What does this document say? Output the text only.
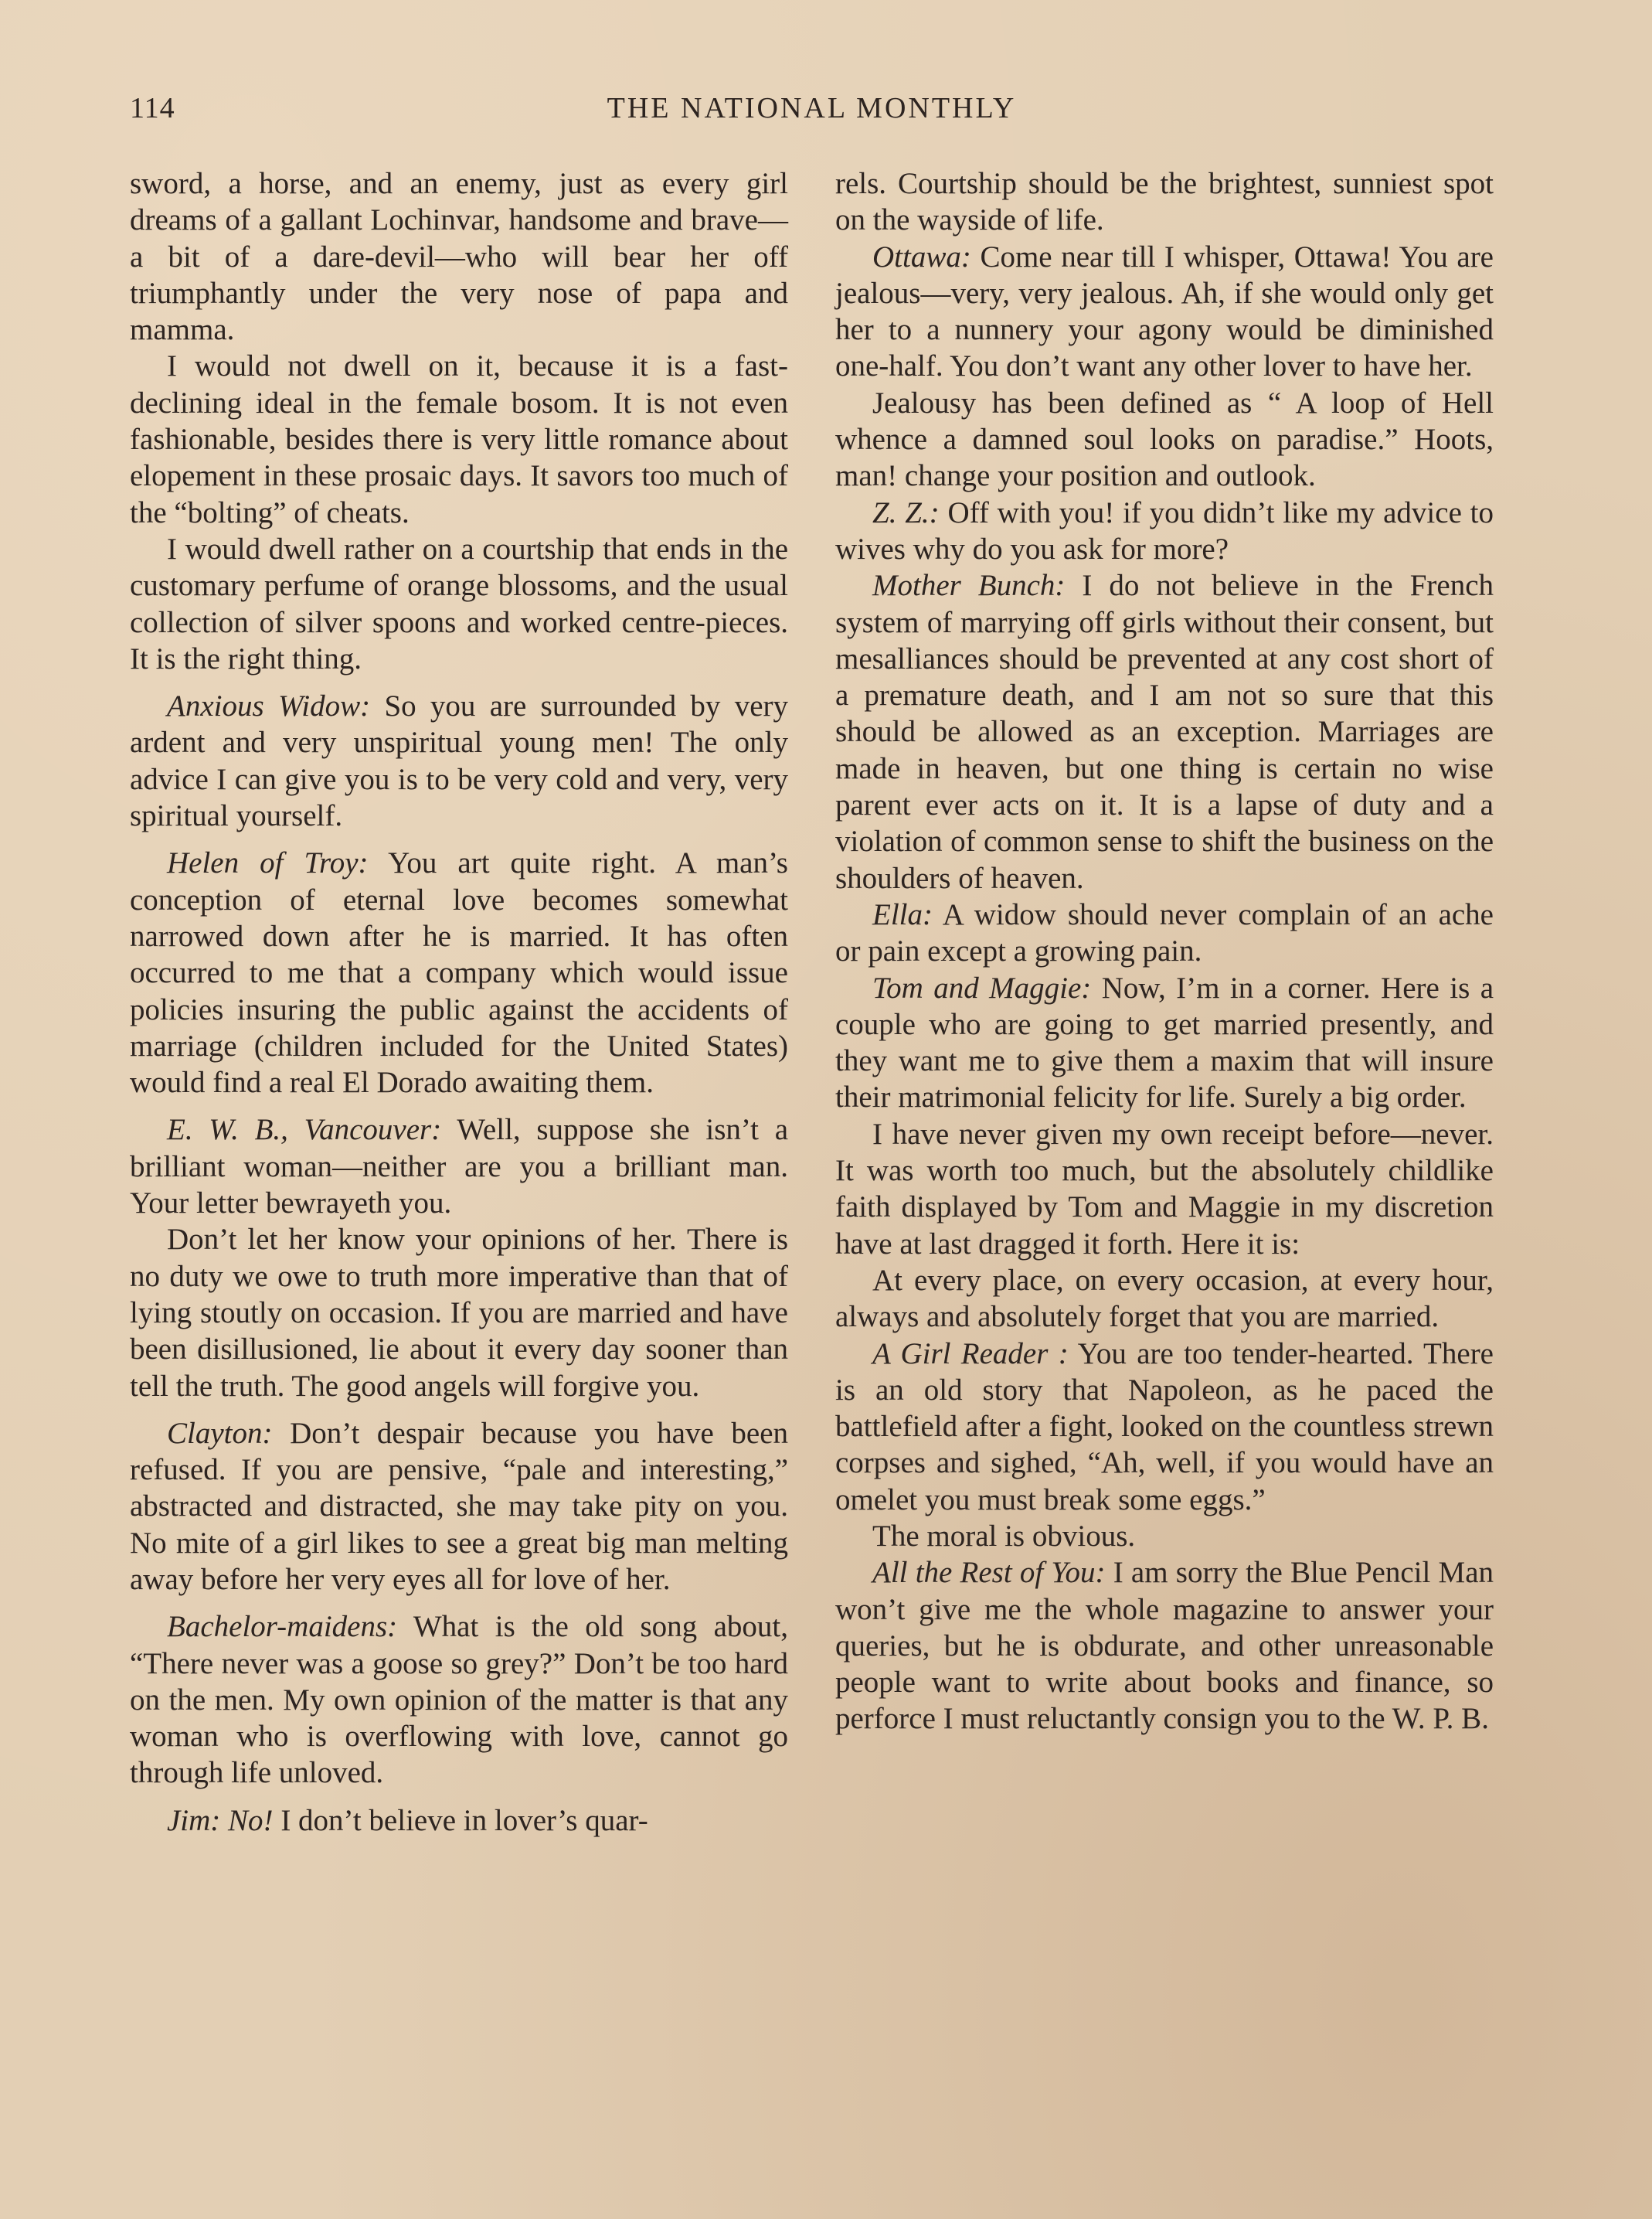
114	THE NATIONAL MONTHLY

sword, a horse, and an enemy, just as every girl dreams of a gallant Lochinvar, handsome and brave—a bit of a dare-devil—who will bear her off triumphantly under the very nose of papa and mamma.

I would not dwell on it, because it is a fast-declining ideal in the female bosom. It is not even fashionable, besides there is very little romance about elopement in these prosaic days. It savors too much of the “bolting” of cheats.

I would dwell rather on a courtship that ends in the customary perfume of orange blossoms, and the usual collection of silver spoons and worked centre-pieces. It is the right thing.

Anxious Widow: So you are surrounded by very ardent and very unspiritual young men! The only advice I can give you is to be very cold and very, very spiritual yourself.

Helen of Troy: You art quite right. A man’s conception of eternal love becomes somewhat narrowed down after he is married. It has often occurred to me that a company which would issue policies insuring the public against the accidents of marriage (children included for the United States) would find a real El Dorado awaiting them.

E. W. B., Vancouver: Well, suppose she isn’t a brilliant woman—neither are you a brilliant man. Your letter bewrayeth you.

Don’t let her know your opinions of her. There is no duty we owe to truth more imperative than that of lying stoutly on occasion. If you are married and have been disillusioned, lie about it every day sooner than tell the truth. The good angels will forgive you.

Clayton: Don’t despair because you have been refused. If you are pensive, “pale and interesting,” abstracted and distracted, she may take pity on you. No mite of a girl likes to see a great big man melting away before her very eyes all for love of her.

Bachelor-maidens: What is the old song about, “There never was a goose so grey?” Don’t be too hard on the men. My own opinion of the matter is that any woman who is overflowing with love, cannot go through life unloved.

Jim: No! I don’t believe in lover’s quar-

rels. Courtship should be the brightest, sunniest spot on the wayside of life.

Ottawa: Come near till I whisper, Ottawa! You are jealous—very, very jealous. Ah, if she would only get her to a nunnery your agony would be diminished one-half. You don’t want any other lover to have her.

Jealousy has been defined as “ A loop of Hell whence a damned soul looks on paradise.” Hoots, man! change your position and outlook.

Z. Z.: Off with you! if you didn’t like my advice to wives why do you ask for more?

Mother Bunch: I do not believe in the French system of marrying off girls without their consent, but mesalliances should be prevented at any cost short of a premature death, and I am not so sure that this should be allowed as an exception. Marriages are made in heaven, but one thing is certain no wise parent ever acts on it. It is a lapse of duty and a violation of common sense to shift the business on the shoulders of heaven.

Ella: A widow should never complain of an ache or pain except a growing pain.

Tom and Maggie: Now, I’m in a corner. Here is a couple who are going to get married presently, and they want me to give them a maxim that will insure their matrimonial felicity for life. Surely a big order.

I have never given my own receipt before—never. It was worth too much, but the absolutely childlike faith displayed by Tom and Maggie in my discretion have at last dragged it forth. Here it is:

At every place, on every occasion, at every hour, always and absolutely forget that you are married.

A Girl Reader : You are too tender-hearted. There is an old story that Napoleon, as he paced the battlefield after a fight, looked on the countless strewn corpses and sighed, “Ah, well, if you would have an omelet you must break some eggs.”

The moral is obvious.

All the Rest of You: I am sorry the Blue Pencil Man won’t give me the whole magazine to answer your queries, but he is obdurate, and other unreasonable people want to write about books and finance, so perforce I must reluctantly consign you to the W. P. B.
